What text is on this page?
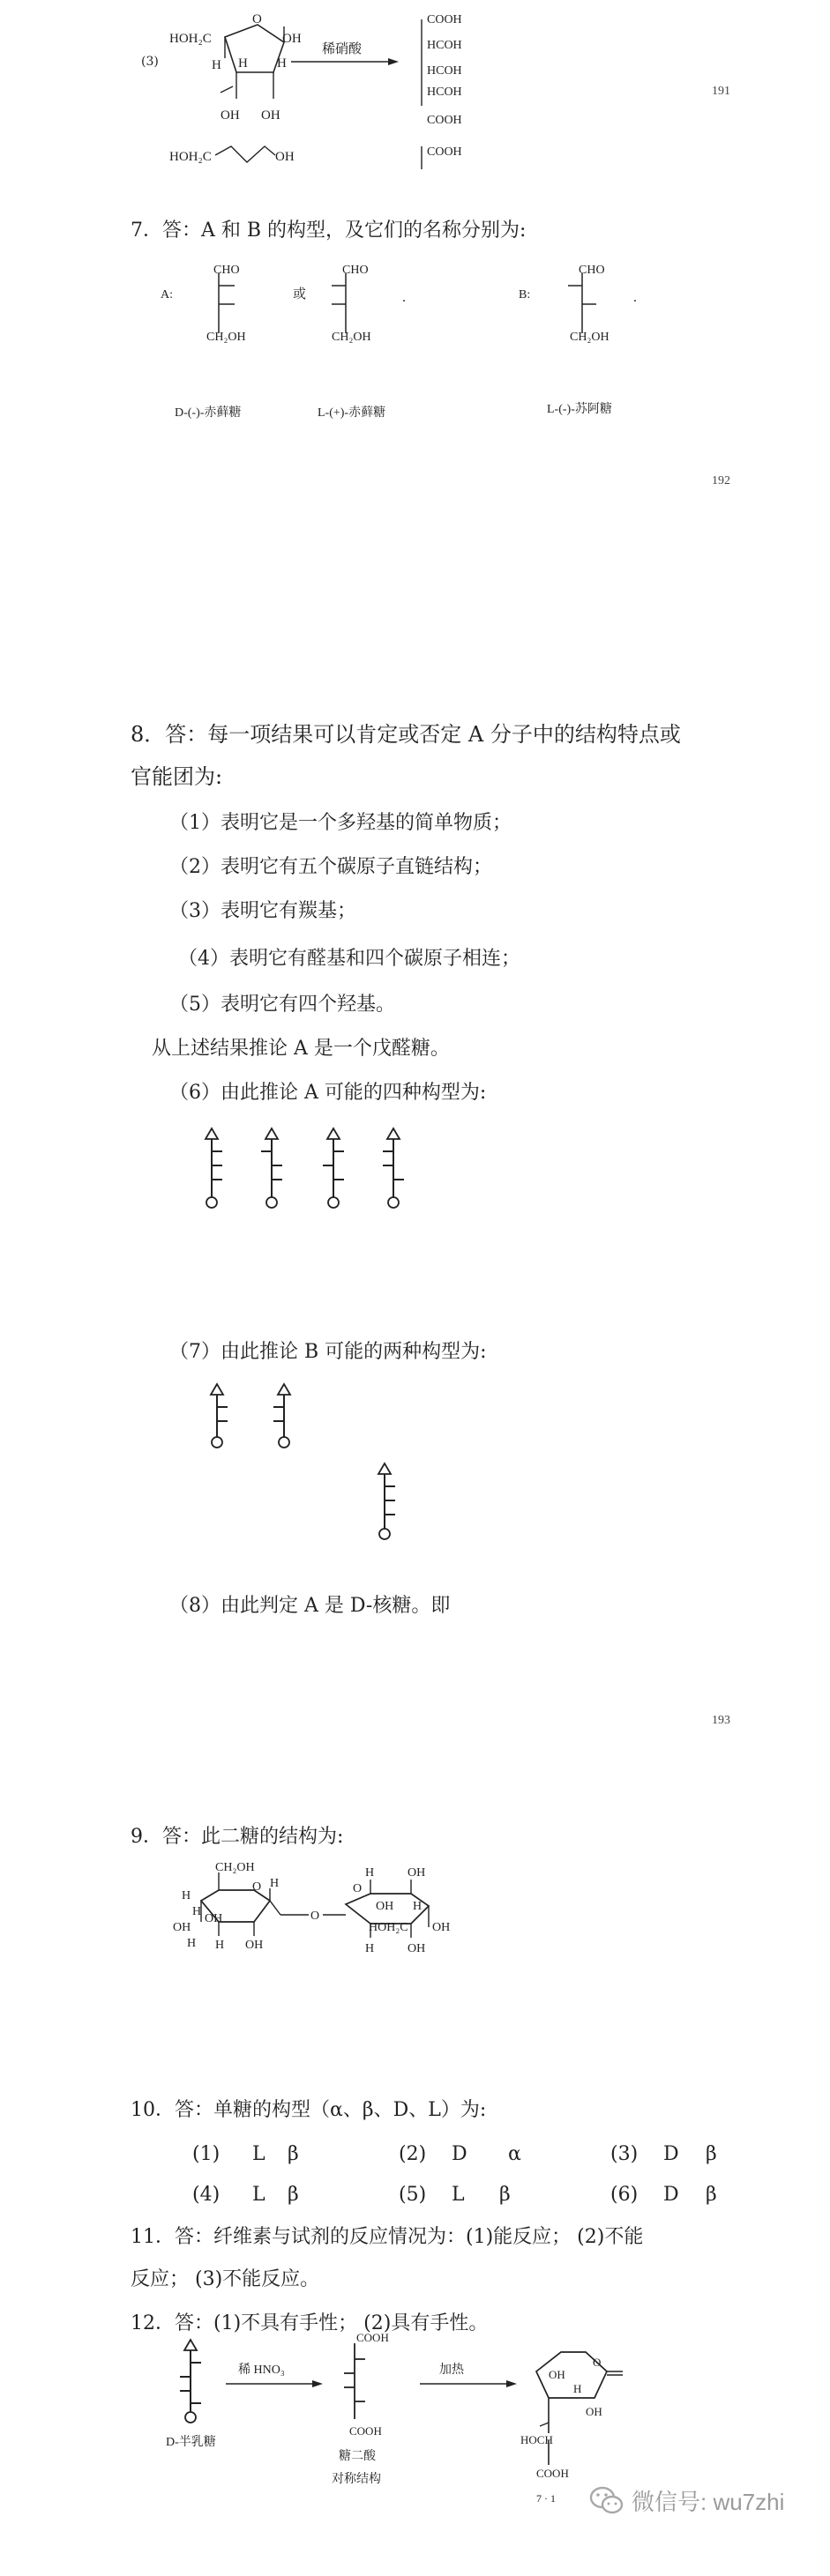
(3)
HOH₂C
O
OH
H H H
OH OH
稀硝酸
COOH
HCOH
HCOH
HCOH
COOH
HOH₂C	OH	COOH
191
7．答：A 和 B 的构型，及它们的名称分别为:
A:
CHO
CH₂OH
或
CHO
CH₂OH
.	B:
CHO
CH₂OH
.
D-(-)-赤藓糖	L-(+)-赤藓糖	L-(-)-苏阿糖
192
8．答：每一项结果可以肯定或否定 A 分子中的结构特点或
官能团为:
（1）表明它是一个多羟基的简单物质；
（2）表明它有五个碳原子直链结构；
（3）表明它有羰基；
（4）表明它有醛基和四个碳原子相连；
（5）表明它有四个羟基。
从上述结果推论 A 是一个戊醛糖。
（6）由此推论 A 可能的四种构型为:
（7）由此推论 B 可能的两种构型为:
（8）由此判定 A 是 D-核糖。即
193
9．答：此二糖的结构为:
CH₂OH
O
H
H
OH
H
OH
H OH
H
O
H	OH
O
OH H
HOH₂C OH
H	OH
10．答：单糖的构型（α、β、D、L）为:
(1) L β	(2) D α	(3) D β
(4) L β	(5) L β	(6) D β
11．答：纤维素与试剂的反应情况为：(1)能反应； (2)不能
反应； (3)不能反应。
12．答：(1)不具有手性； (2)具有手性。
D-半乳糖
稀 HNO₃
COOH
COOH
糖二酸
对称结构
加热	OH
H
O
OH
HOCH
COOH
7 · 1	微信号: wu7zhi
